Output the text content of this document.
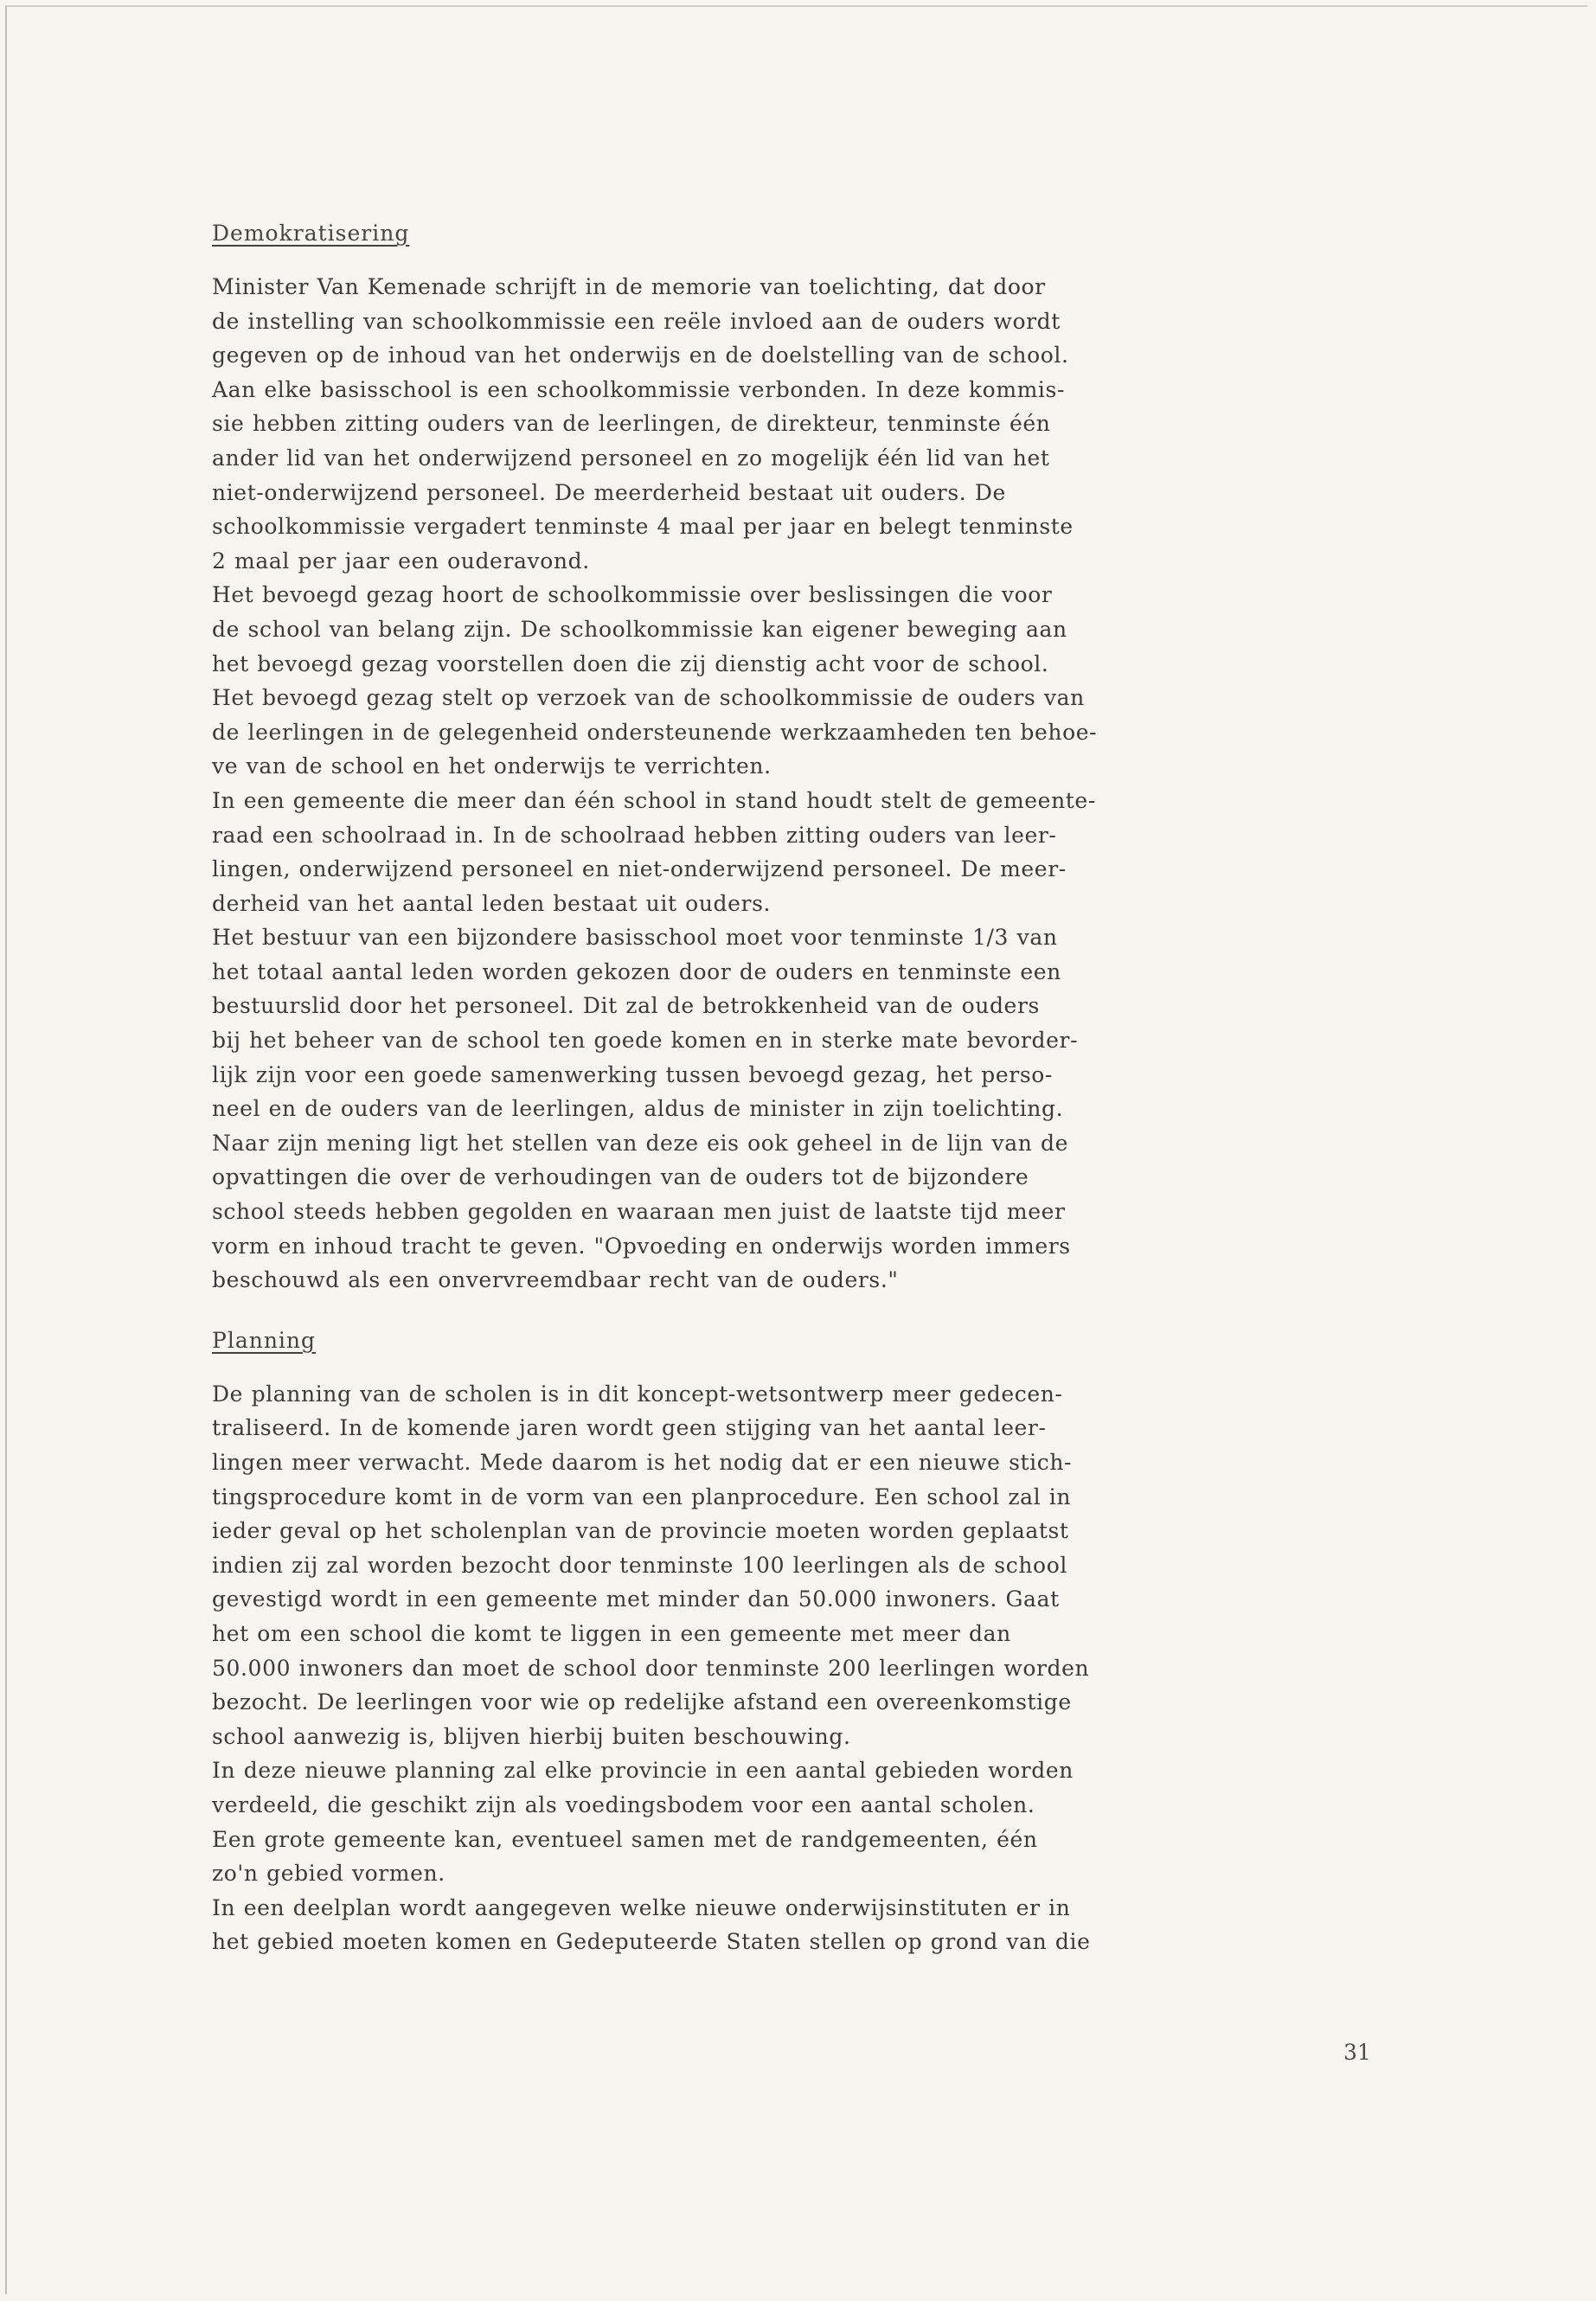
Demokratisering
Minister Van Kemenade schrijft in de memorie van toelichting, dat door
de instelling van schoolkommissie een reële invloed aan de ouders wordt
gegeven op de inhoud van het onderwijs en de doelstelling van de school.
Aan elke basisschool is een schoolkommissie verbonden. In deze kommis-
sie hebben zitting ouders van de leerlingen, de direkteur, tenminste één
ander lid van het onderwijzend personeel en zo mogelijk één lid van het
niet-onderwijzend personeel. De meerderheid bestaat uit ouders. De
schoolkommissie vergadert tenminste 4 maal per jaar en belegt tenminste
2 maal per jaar een ouderavond.
Het bevoegd gezag hoort de schoolkommissie over beslissingen die voor
de school van belang zijn. De schoolkommissie kan eigener beweging aan
het bevoegd gezag voorstellen doen die zij dienstig acht voor de school.
Het bevoegd gezag stelt op verzoek van de schoolkommissie de ouders van
de leerlingen in de gelegenheid ondersteunende werkzaamheden ten behoe-
ve van de school en het onderwijs te verrichten.
In een gemeente die meer dan één school in stand houdt stelt de gemeente-
raad een schoolraad in. In de schoolraad hebben zitting ouders van leer-
lingen, onderwijzend personeel en niet-onderwijzend personeel. De meer-
derheid van het aantal leden bestaat uit ouders.
Het bestuur van een bijzondere basisschool moet voor tenminste 1/3 van
het totaal aantal leden worden gekozen door de ouders en tenminste een
bestuurslid door het personeel. Dit zal de betrokkenheid van de ouders
bij het beheer van de school ten goede komen en in sterke mate bevorder-
lijk zijn voor een goede samenwerking tussen bevoegd gezag, het perso-
neel en de ouders van de leerlingen, aldus de minister in zijn toelichting.
Naar zijn mening ligt het stellen van deze eis ook geheel in de lijn van de
opvattingen die over de verhoudingen van de ouders tot de bijzondere
school steeds hebben gegolden en waaraan men juist de laatste tijd meer
vorm en inhoud tracht te geven. "Opvoeding en onderwijs worden immers
beschouwd als een onvervreemdbaar recht van de ouders."
Planning
De planning van de scholen is in dit koncept-wetsontwerp meer gedecen-
traliseerd. In de komende jaren wordt geen stijging van het aantal leer-
lingen meer verwacht. Mede daarom is het nodig dat er een nieuwe stich-
tingsprocedure komt in de vorm van een planprocedure. Een school zal in
ieder geval op het scholenplan van de provincie moeten worden geplaatst
indien zij zal worden bezocht door tenminste 100 leerlingen als de school
gevestigd wordt in een gemeente met minder dan 50.000 inwoners. Gaat
het om een school die komt te liggen in een gemeente met meer dan
50.000 inwoners dan moet de school door tenminste 200 leerlingen worden
bezocht. De leerlingen voor wie op redelijke afstand een overeenkomstige
school aanwezig is, blijven hierbij buiten beschouwing.
In deze nieuwe planning zal elke provincie in een aantal gebieden worden
verdeeld, die geschikt zijn als voedingsbodem voor een aantal scholen.
Een grote gemeente kan, eventueel samen met de randgemeenten, één
zo'n gebied vormen.
In een deelplan wordt aangegeven welke nieuwe onderwijsinstituten er in
het gebied moeten komen en Gedeputeerde Staten stellen op grond van die
31
